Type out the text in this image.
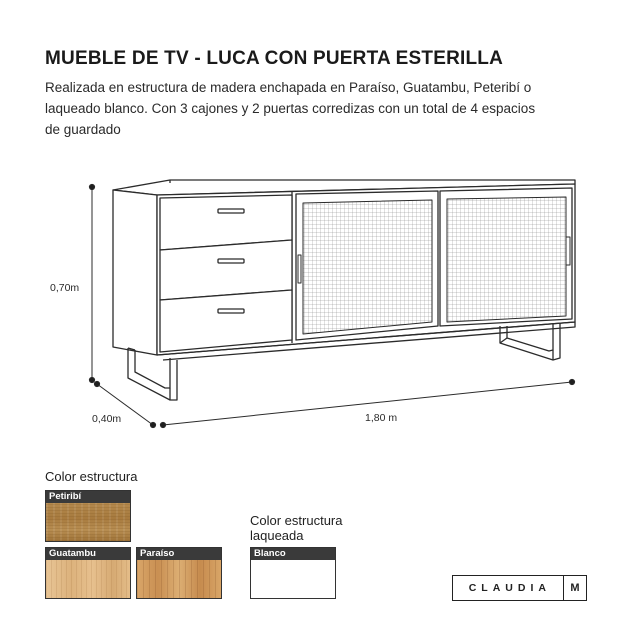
MUEBLE DE TV - LUCA CON PUERTA ESTERILLA
Realizada en estructura de madera enchapada en Paraíso, Guatambu, Peteribí o
laqueado blanco. Con 3 cajones y 2 puertas corredizas con un total de 4 espacios
de guardado
0,70m
0,40m	1,80 m
Color estructura
Petiribí
Guatambu	Paraíso
Color estructura
laqueada
Blanco
CLAUDIA	M
